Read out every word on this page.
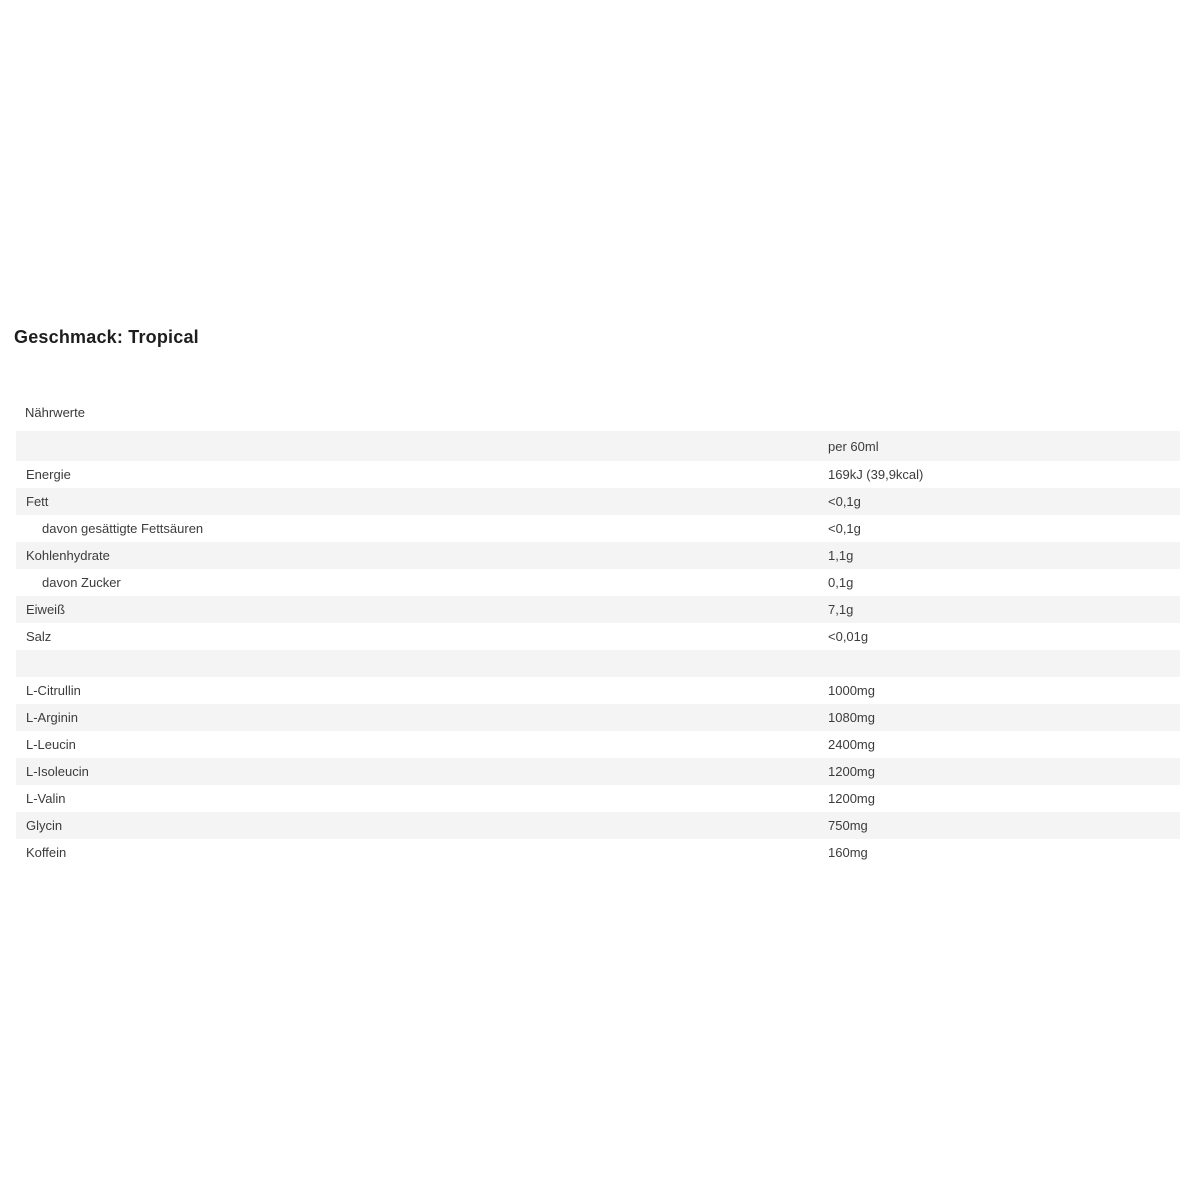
Geschmack: Tropical
Nährwerte
per 60ml
Energie	169kJ (39,9kcal)
Fett	<0,1g
davon gesättigte Fettsäuren	<0,1g
Kohlenhydrate	1,1g
davon Zucker	0,1g
Eiweiß	7,1g
Salz	<0,01g
L-Citrullin	1000mg
L-Arginin	1080mg
L-Leucin	2400mg
L-Isoleucin	1200mg
L-Valin	1200mg
Glycin	750mg
Koffein	160mg
